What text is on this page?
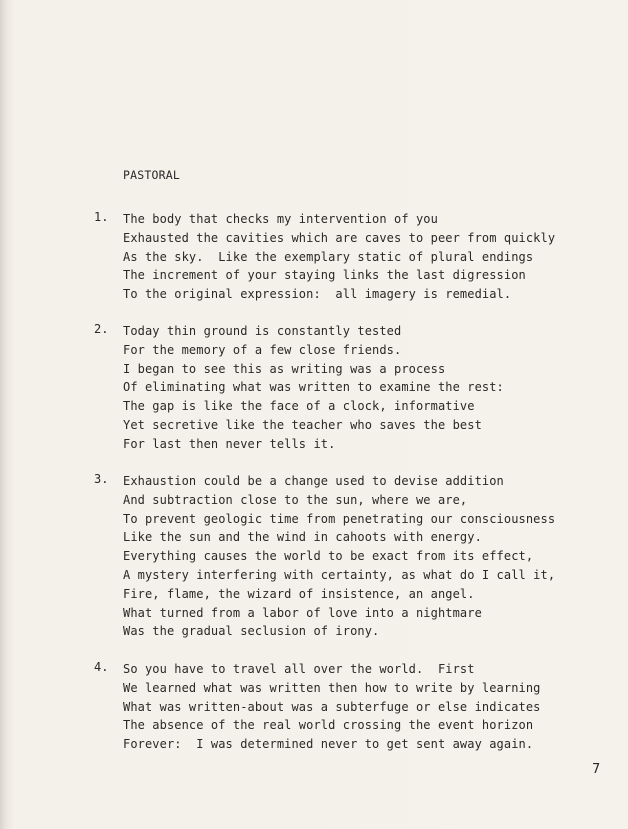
PASTORAL
1. The body that checks my intervention of you
Exhausted the cavities which are caves to peer from quickly
As the sky.  Like the exemplary static of plural endings
The increment of your staying links the last digression
To the original expression:  all imagery is remedial.
2. Today thin ground is constantly tested
For the memory of a few close friends.
I began to see this as writing was a process
Of eliminating what was written to examine the rest:
The gap is like the face of a clock, informative
Yet secretive like the teacher who saves the best
For last then never tells it.
3. Exhaustion could be a change used to devise addition
And subtraction close to the sun, where we are,
To prevent geologic time from penetrating our consciousness
Like the sun and the wind in cahoots with energy.
Everything causes the world to be exact from its effect,
A mystery interfering with certainty, as what do I call it,
Fire, flame, the wizard of insistence, an angel.
What turned from a labor of love into a nightmare
Was the gradual seclusion of irony.
4. So you have to travel all over the world.  First
We learned what was written then how to write by learning
What was written-about was a subterfuge or else indicates
The absence of the real world crossing the event horizon
Forever:  I was determined never to get sent away again.
7
